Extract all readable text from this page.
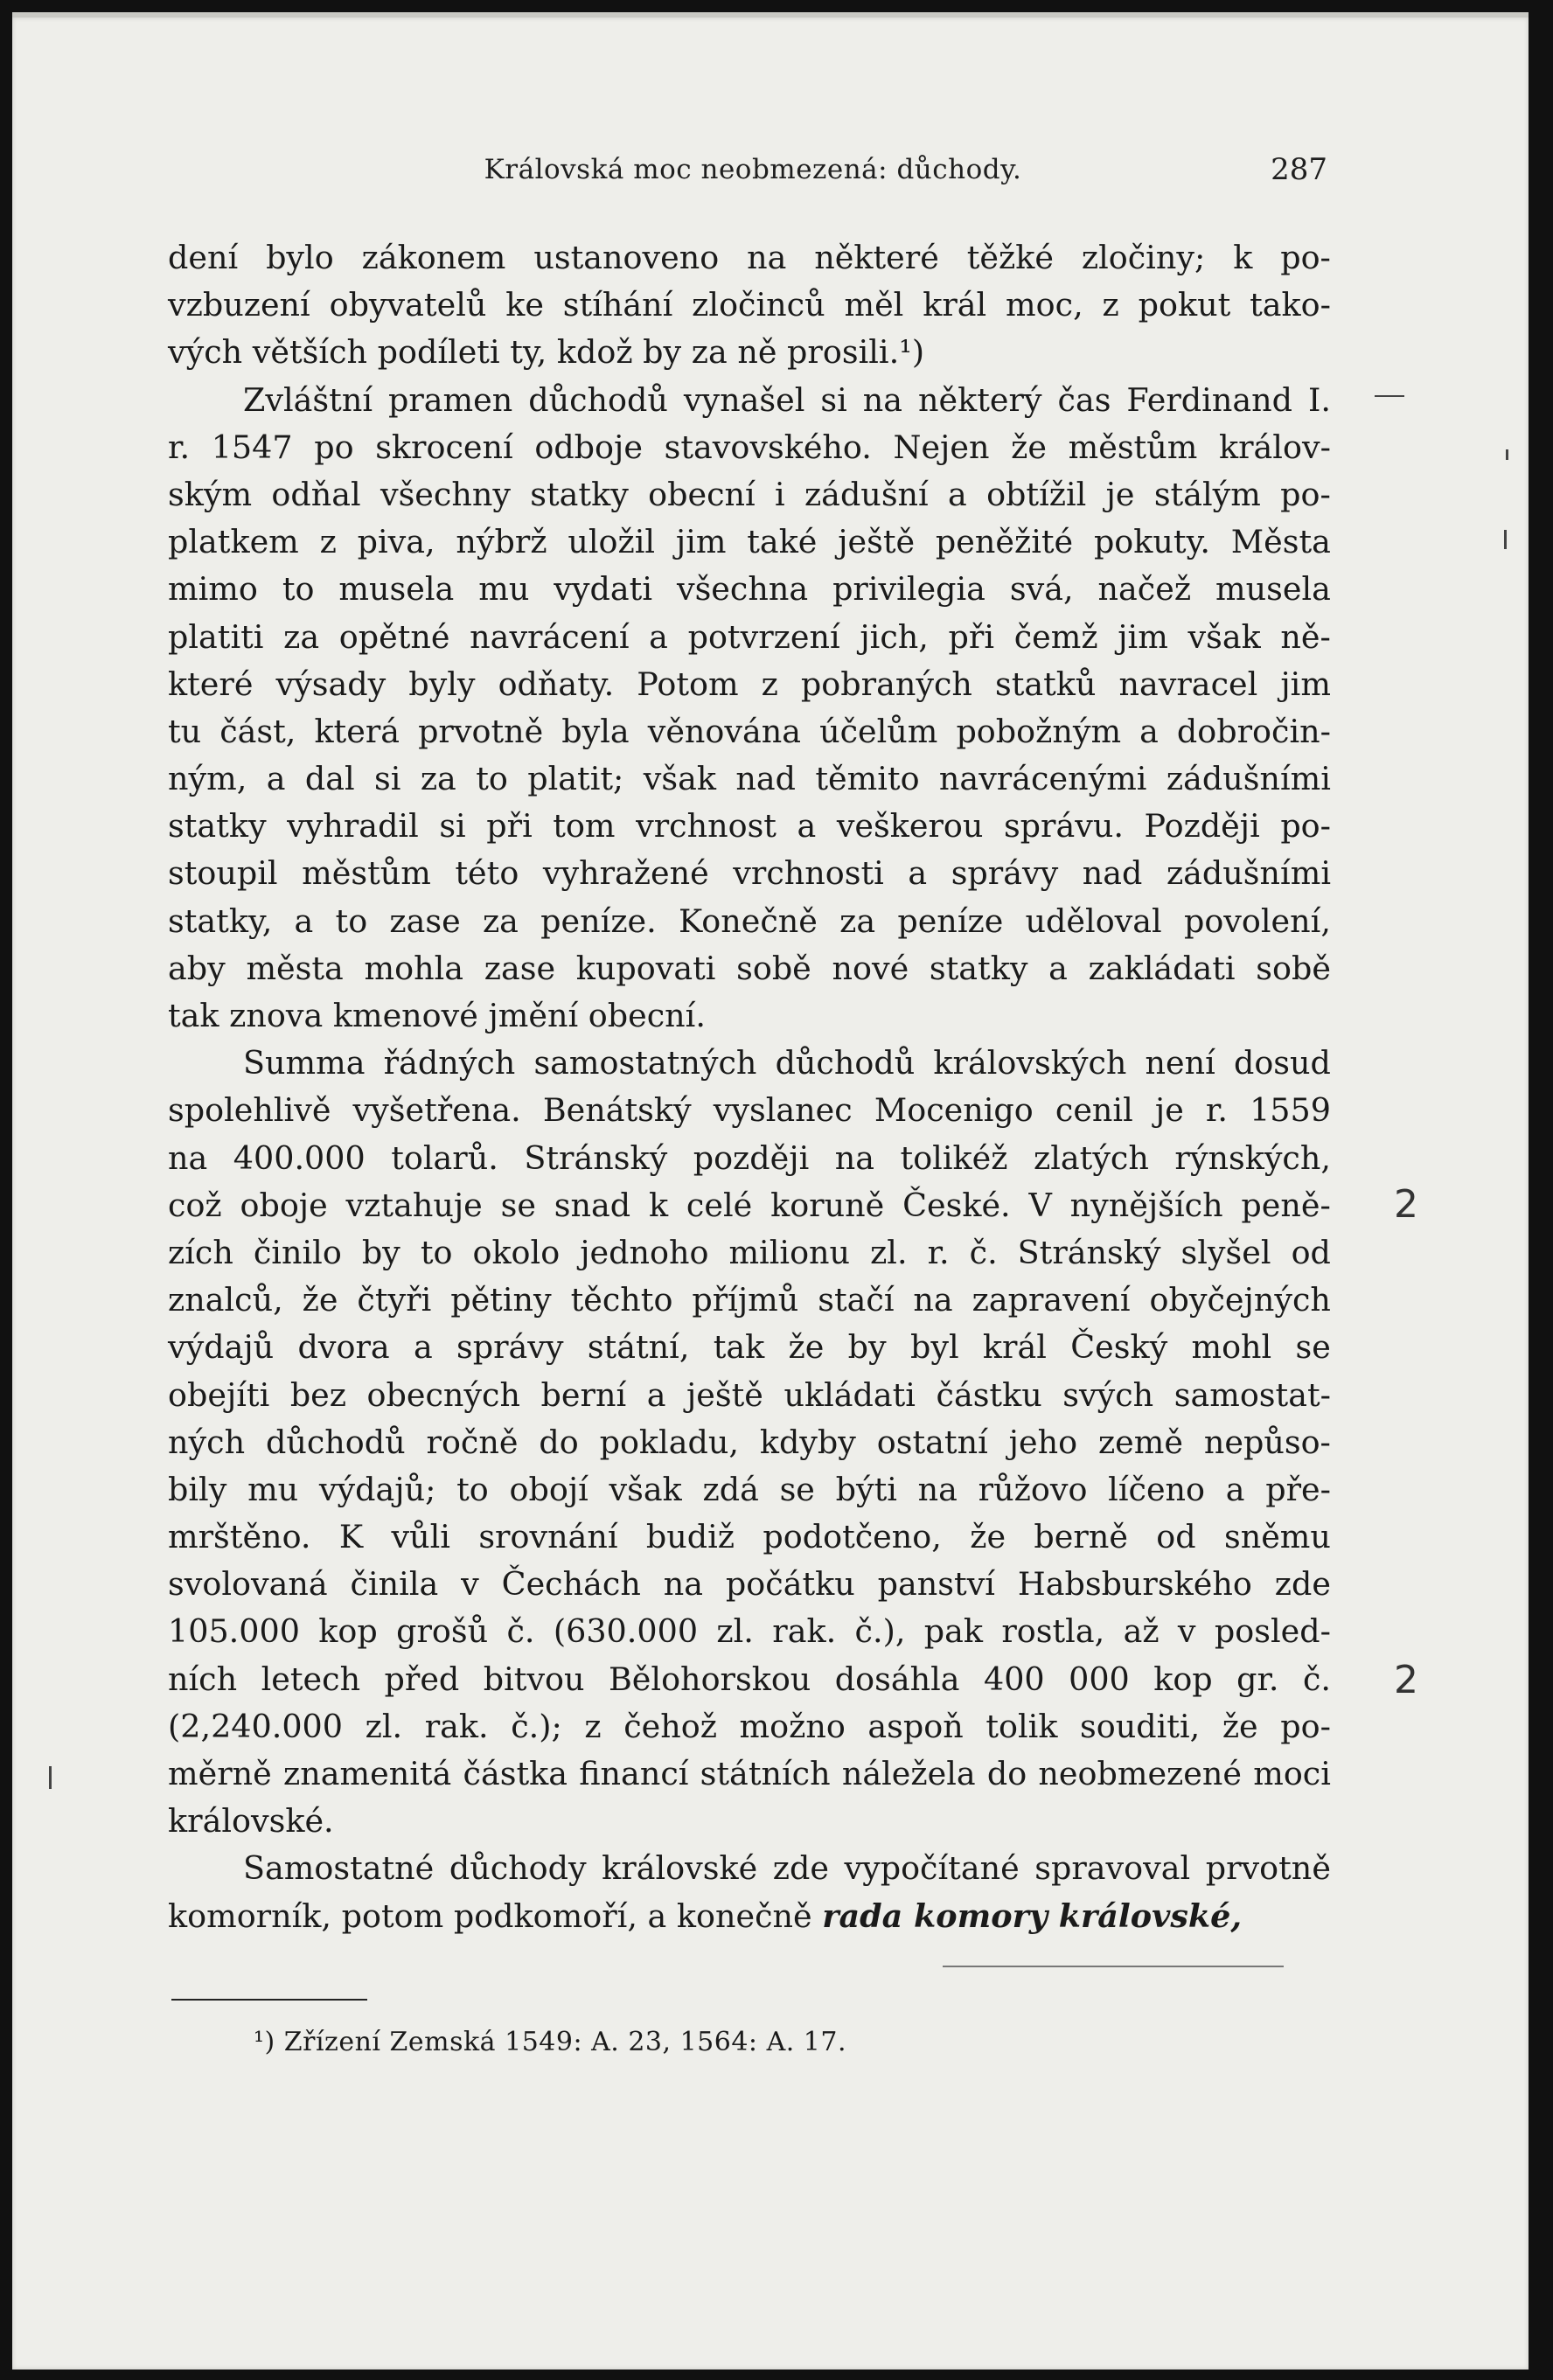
Královská moc neobmezená: důchody.	287
dení bylo zákonem ustanoveno na některé těžké zločiny; k po-
vzbuzení obyvatelů ke stíhání zločinců měl král moc, z pokut tako-
vých větších podíleti ty, kdož by za ně prosili.¹)
Zvláštní pramen důchodů vynašel si na některý čas Ferdinand I.
r. 1547 po skrocení odboje stavovského. Nejen že městům králov-
ským odňal všechny statky obecní i zádušní a obtížil je stálým po-
platkem z piva, nýbrž uložil jim také ještě peněžité pokuty. Města
mimo to musela mu vydati všechna privilegia svá, načež musela
platiti za opětné navrácení a potvrzení jich, při čemž jim však ně-
které výsady byly odňaty. Potom z pobraných statků navracel jim
tu část, která prvotně byla věnována účelům pobožným a dobročin-
ným, a dal si za to platit; však nad těmito navrácenými zádušními
statky vyhradil si při tom vrchnost a veškerou správu. Později po-
stoupil městům této vyhražené vrchnosti a správy nad zádušními
statky, a to zase za peníze. Konečně za peníze uděloval povolení,
aby města mohla zase kupovati sobě nové statky a zakládati sobě
tak znova kmenové jmění obecní.
Summa řádných samostatných důchodů královských není dosud
spolehlivě vyšetřena. Benátský vyslanec Mocenigo cenil je r. 1559
na 400.000 tolarů. Stránský později na tolikéž zlatých rýnských,
což oboje vztahuje se snad k celé koruně České. V nynějších peně-
zích činilo by to okolo jednoho milionu zl. r. č. Stránský slyšel od
znalců, že čtyři pětiny těchto příjmů stačí na zapravení obyčejných
výdajů dvora a správy státní, tak že by byl král Český mohl se
obejíti bez obecných berní a ještě ukládati částku svých samostat-
ných důchodů ročně do pokladu, kdyby ostatní jeho země nepůso-
bily mu výdajů; to obojí však zdá se býti na růžovo líčeno a pře-
mrštěno. K vůli srovnání budiž podotčeno, že berně od sněmu
svolovaná činila v Čechách na počátku panství Habsburského zde
105.000 kop grošů č. (630.000 zl. rak. č.), pak rostla, až v posled-
ních letech před bitvou Bělohorskou dosáhla 400 000 kop gr. č.
(2,240.000 zl. rak. č.); z čehož možno aspoň tolik souditi, že po-
měrně znamenitá částka financí státních náležela do neobmezené moci
královské.
Samostatné důchody královské zde vypočítané spravoval prvotně
komorník, potom podkomoří, a konečně rada komory královské,
¹) Zřízení Zemská 1549: A. 23, 1564: A. 17.
2
2
